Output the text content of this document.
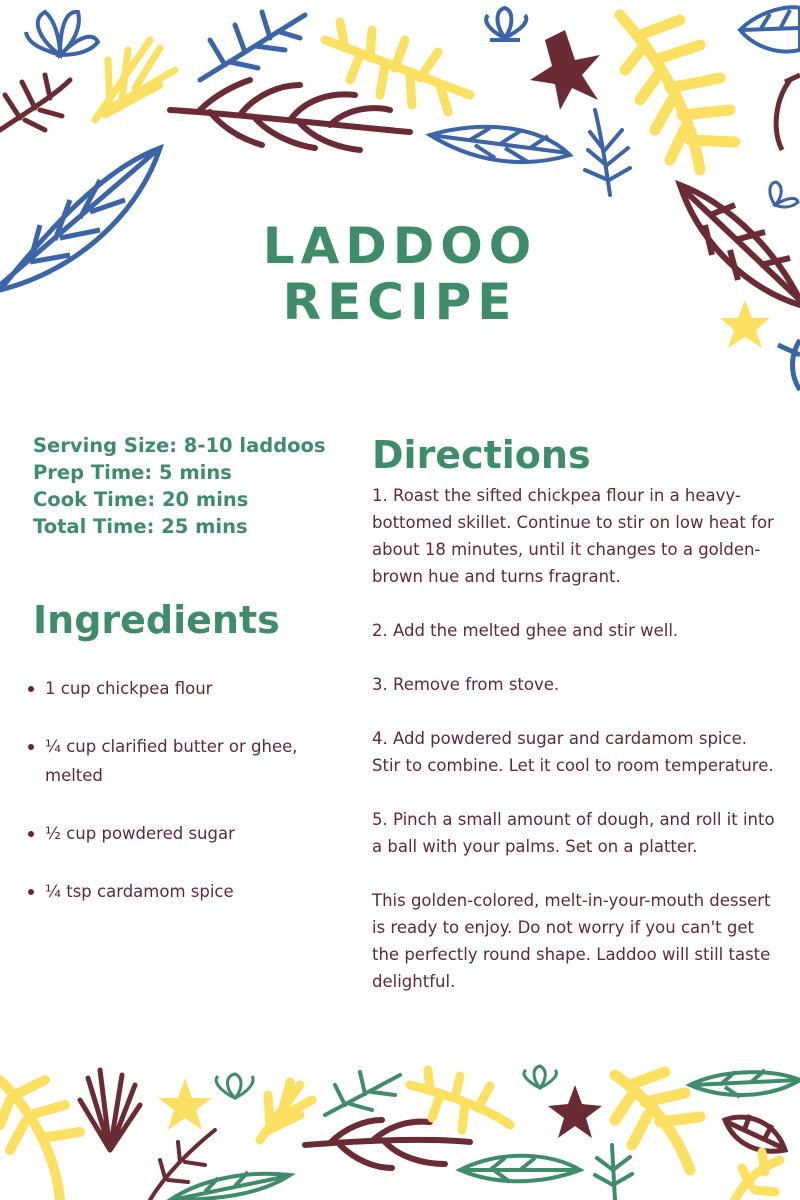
LADDOO
RECIPE
Serving Size: 8-10 laddoos
Prep Time: 5 mins
Cook Time: 20 mins
Total Time: 25 mins
Ingredients
1 cup chickpea flour
¼ cup clarified butter or ghee, melted
½ cup powdered sugar
¼ tsp cardamom spice
Directions

1. Roast the sifted chickpea flour in a heavy-bottomed skillet. Continue to stir on low heat for about 18 minutes, until it changes to a golden-brown hue and turns fragrant.

2. Add the melted ghee and stir well.

3. Remove from stove.

4. Add powdered sugar and cardamom spice. Stir to combine. Let it cool to room temperature.

5. Pinch a small amount of dough, and roll it into a ball with your palms. Set on a platter.

This golden-colored, melt-in-your-mouth dessert is ready to enjoy. Do not worry if you can't get the perfectly round shape. Laddoo will still taste delightful.
